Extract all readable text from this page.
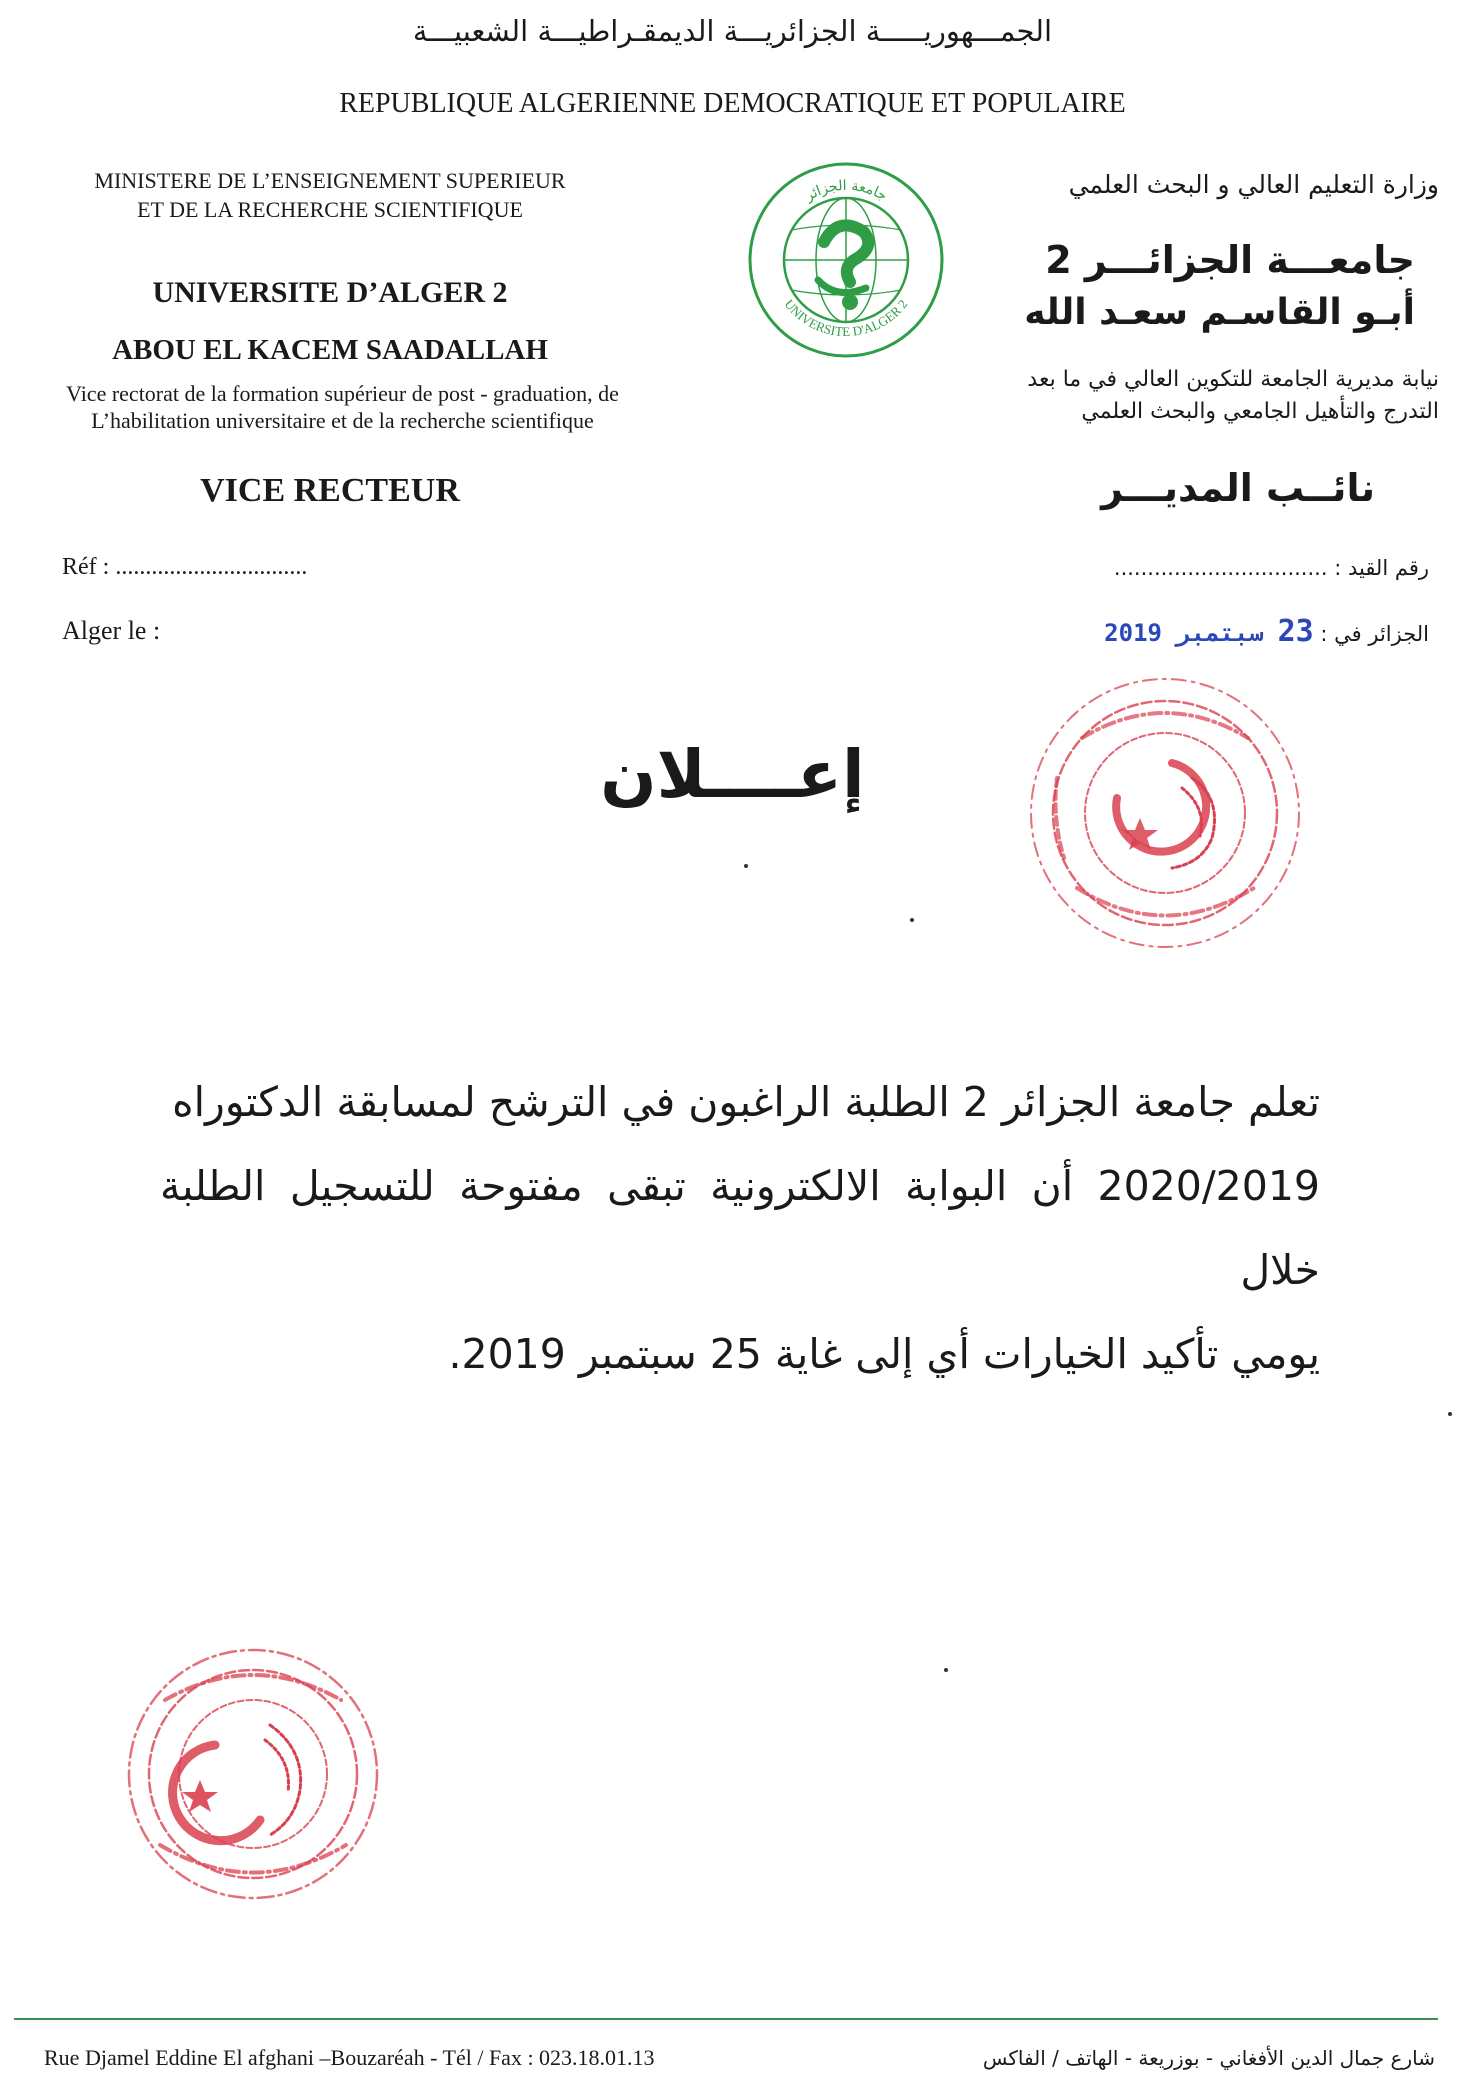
الجمـــهوريـــــة الجزائريـــة الديمقـراطيـــة الشعبيـــة
REPUBLIQUE ALGERIENNE DEMOCRATIQUE ET POPULAIRE
MINISTERE DE L’ENSEIGNEMENT SUPERIEUR
ET DE LA RECHERCHE SCIENTIFIQUE
UNIVERSITE D’ALGER 2
ABOU EL KACEM SAADALLAH
Vice rectorat de la formation supérieur de post - graduation, de
L’habilitation universitaire et de la recherche scientifique
VICE RECTEUR
Réf : ................................
Alger le :
جامعة الجزائر
UNIVERSITE D'ALGER 2
وزارة التعليم العالي و البحث العلمي
جامعـــة الجزائـــر 2
أبـو القاسـم سعـد الله
نيابة مديرية الجامعة للتكوين العالي في ما بعد
التدرج والتأهيل الجامعي والبحث العلمي
نائــب المديـــر
رقم القيد : ................................
الجزائر في : 23 سبتمبر 2019
إعــــلان
تعلم جامعة الجزائر 2 الطلبة الراغبون في الترشح لمسابقة الدكتوراه
2020/2019 أن البوابة الالكترونية تبقى مفتوحة للتسجيل الطلبة خلال
يومي تأكيد الخيارات أي إلى غاية 25 سبتمبر 2019.
Rue Djamel Eddine El afghani –Bouzaréah - Tél / Fax : 023.18.01.13	شارع جمال الدين الأفغاني - بوزريعة - الهاتف / الفاكس
